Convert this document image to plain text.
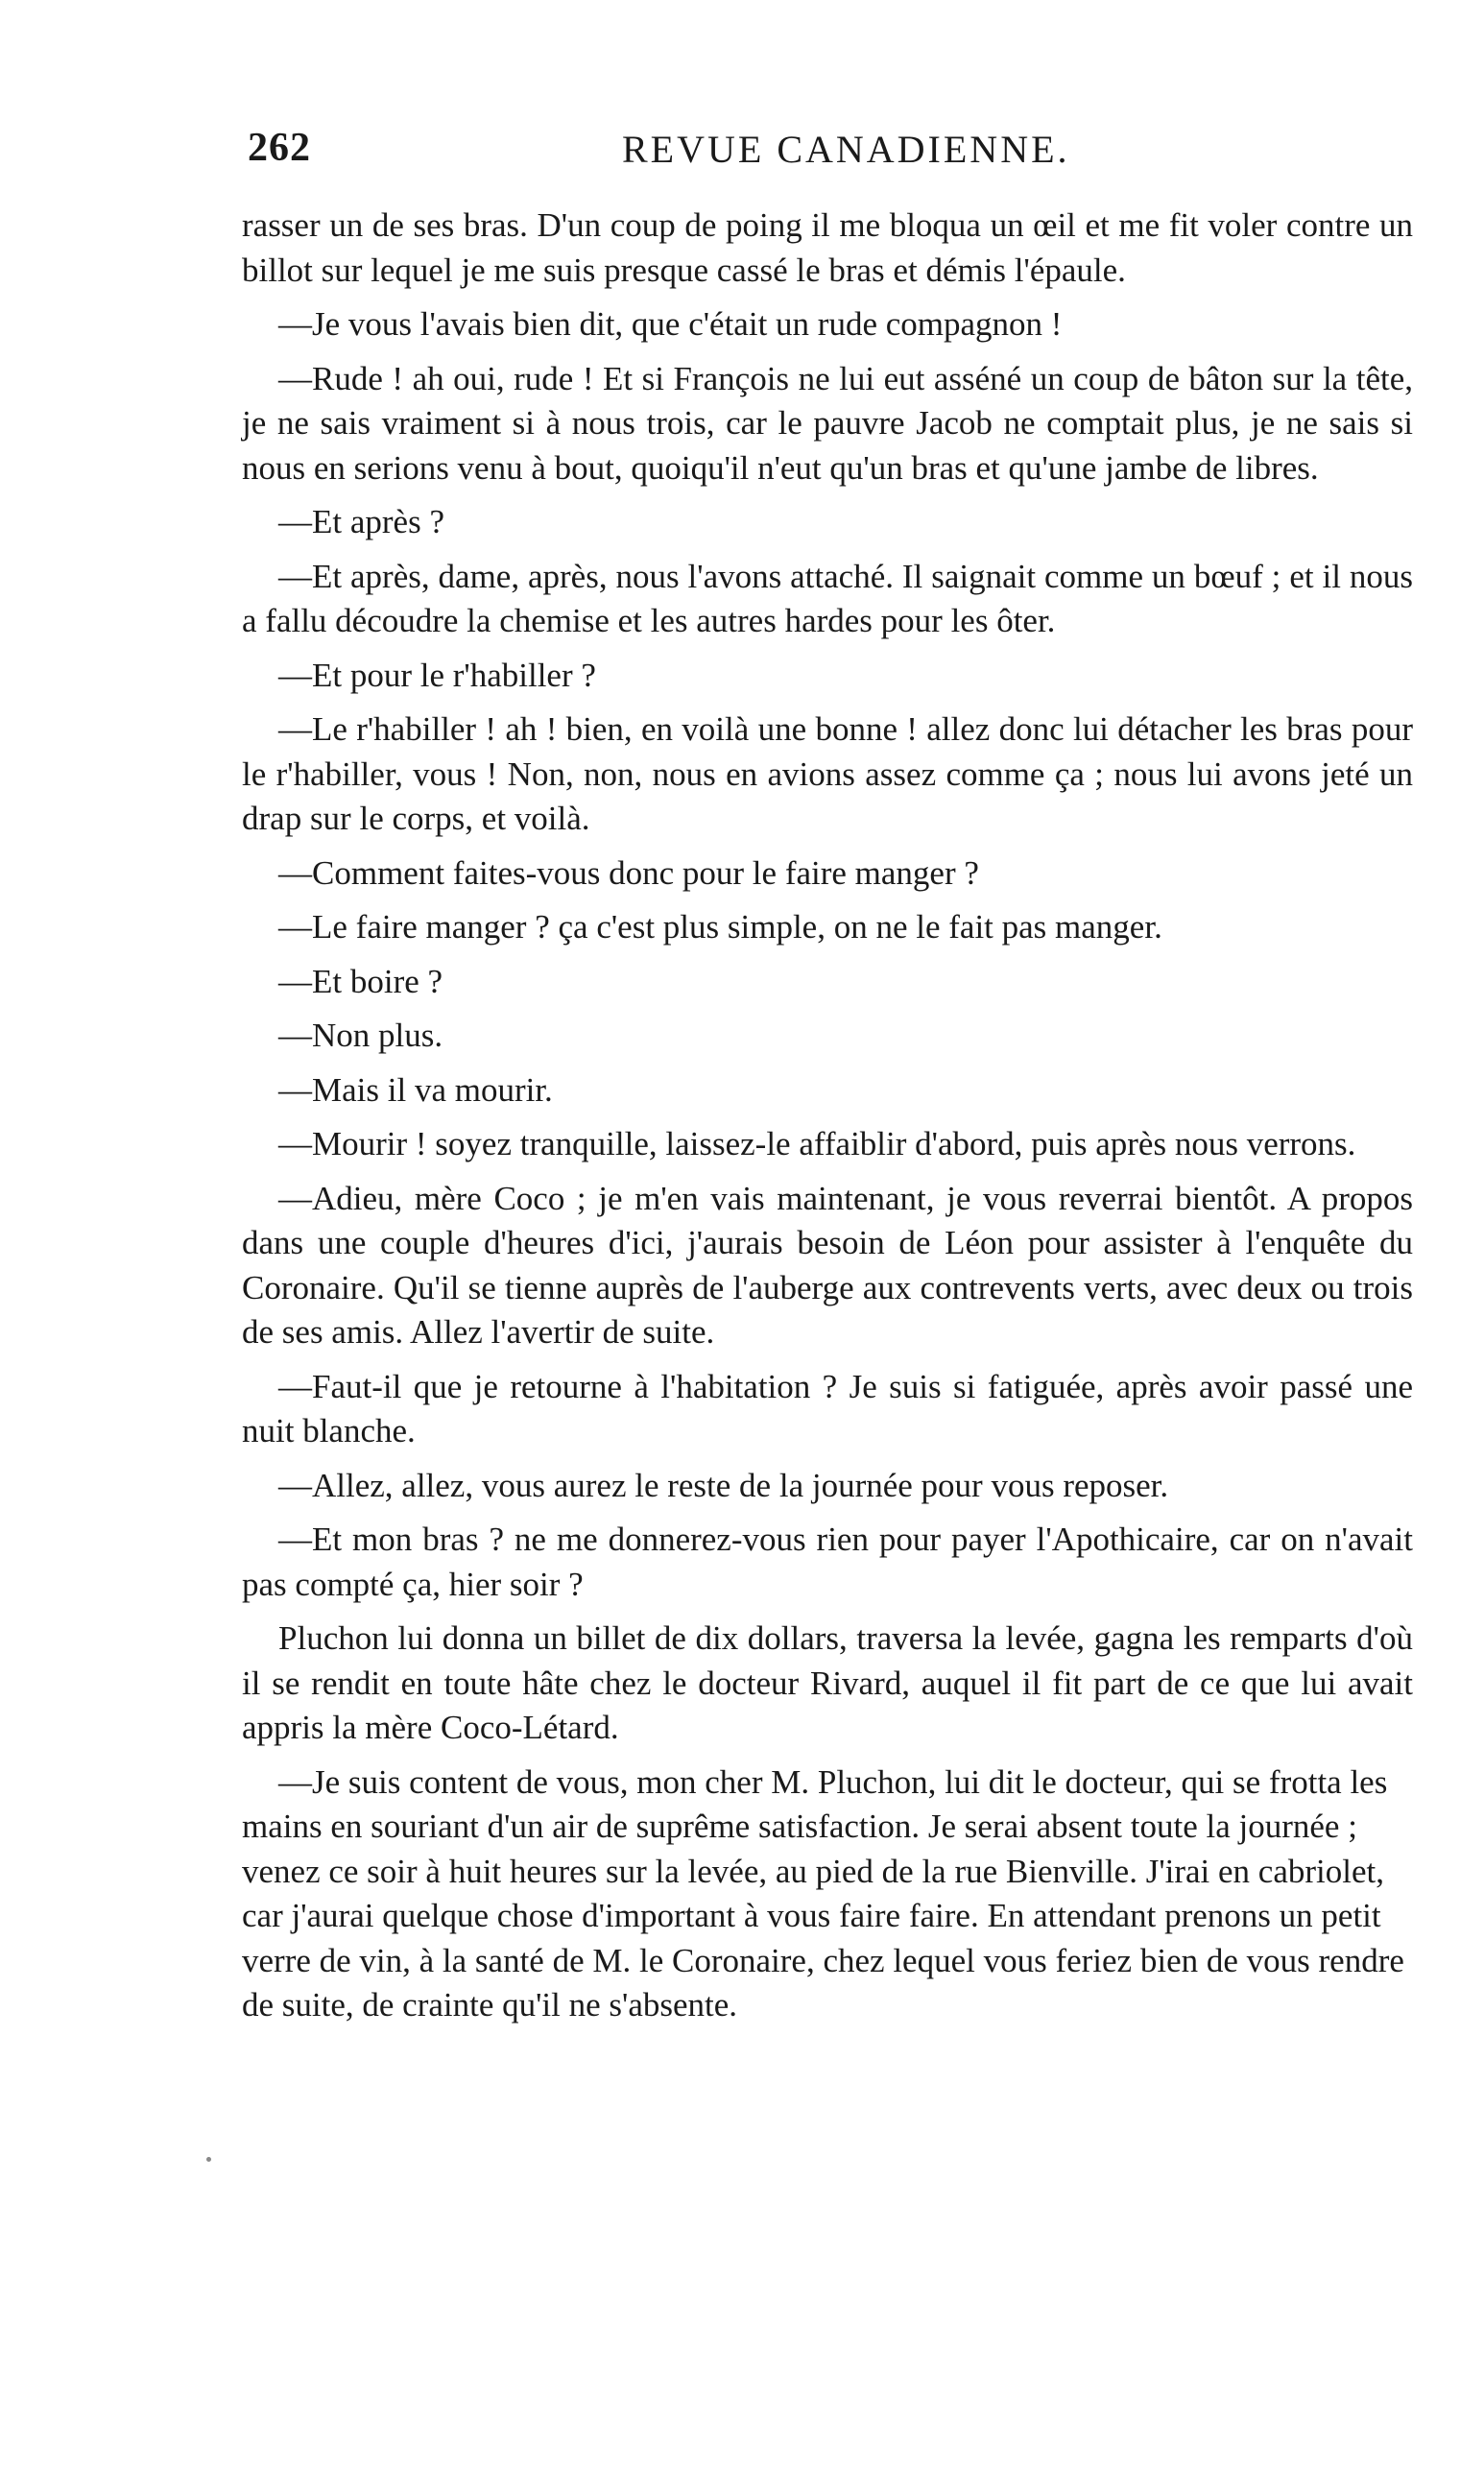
262	REVUE CANADIENNE.

rasser un de ses bras. D'un coup de poing il me bloqua un œil et me fit voler contre un billot sur lequel je me suis presque cassé le bras et démis l'épaule.

—Je vous l'avais bien dit, que c'était un rude compagnon !

—Rude ! ah oui, rude ! Et si François ne lui eut asséné un coup de bâton sur la tête, je ne sais vraiment si à nous trois, car le pauvre Jacob ne comptait plus, je ne sais si nous en serions venu à bout, quoiqu'il n'eut qu'un bras et qu'une jambe de libres.

—Et après ?

—Et après, dame, après, nous l'avons attaché. Il saignait comme un bœuf ; et il nous a fallu découdre la chemise et les autres hardes pour les ôter.

—Et pour le r'habiller ?

—Le r'habiller ! ah ! bien, en voilà une bonne ! allez donc lui détacher les bras pour le r'habiller, vous ! Non, non, nous en avions assez comme ça ; nous lui avons jeté un drap sur le corps, et voilà.

—Comment faites-vous donc pour le faire manger ?

—Le faire manger ? ça c'est plus simple, on ne le fait pas manger.

—Et boire ?

—Non plus.

—Mais il va mourir.

—Mourir ! soyez tranquille, laissez-le affaiblir d'abord, puis après nous verrons.

—Adieu, mère Coco ; je m'en vais maintenant, je vous reverrai bientôt. A propos dans une couple d'heures d'ici, j'aurais besoin de Léon pour assister à l'enquête du Coronaire. Qu'il se tienne auprès de l'auberge aux contrevents verts, avec deux ou trois de ses amis. Allez l'avertir de suite.

—Faut-il que je retourne à l'habitation ? Je suis si fatiguée, après avoir passé une nuit blanche.

—Allez, allez, vous aurez le reste de la journée pour vous reposer.

—Et mon bras ? ne me donnerez-vous rien pour payer l'Apothicaire, car on n'avait pas compté ça, hier soir ?

Pluchon lui donna un billet de dix dollars, traversa la levée, gagna les remparts d'où il se rendit en toute hâte chez le docteur Rivard, auquel il fit part de ce que lui avait appris la mère Coco-Létard.

—Je suis content de vous, mon cher M. Pluchon, lui dit le docteur, qui se frotta les mains en souriant d'un air de suprême satisfaction. Je serai absent toute la journée ; venez ce soir à huit heures sur la levée, au pied de la rue Bienville. J'irai en cabriolet, car j'aurai quelque chose d'important à vous faire faire. En attendant prenons un petit verre de vin, à la santé de M. le Coronaire, chez lequel vous feriez bien de vous rendre de suite, de crainte qu'il ne s'absente.
